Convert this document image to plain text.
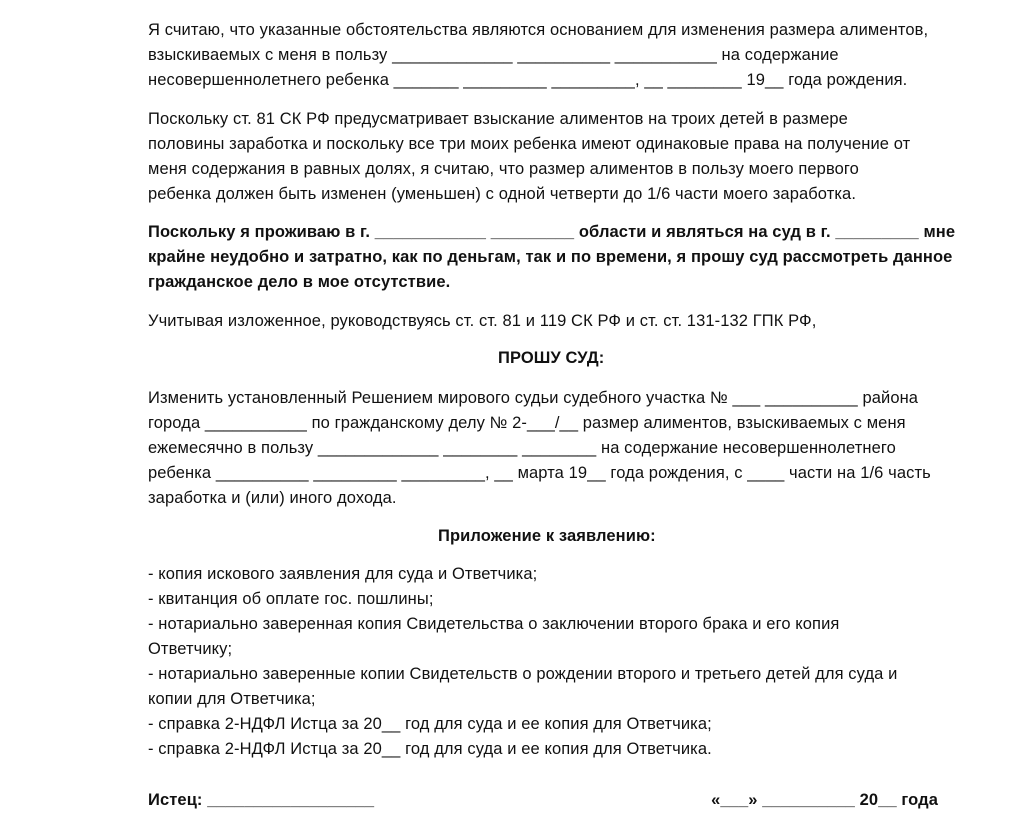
Я считаю, что указанные обстоятельства являются основанием для изменения размера алиментов,
взыскиваемых с меня в пользу _____________ __________ ___________ на содержание
несовершеннолетнего ребенка _______ _________ _________, __ ________ 19__ года рождения.
Поскольку ст. 81 СК РФ предусматривает взыскание алиментов на троих детей в размере
половины заработка и поскольку все три моих ребенка имеют одинаковые права на получение от
меня содержания в равных долях, я считаю, что размер алиментов в пользу моего первого
ребенка должен быть изменен (уменьшен) с одной четверти до 1/6 части моего заработка.
Поскольку я проживаю в г. ____________ _________ области и являться на суд в г. _________ мне
крайне неудобно и затратно, как по деньгам, так и по времени, я прошу суд рассмотреть данное
гражданское дело в мое отсутствие.
Учитывая изложенное, руководствуясь ст. ст. 81 и 119 СК РФ и ст. ст. 131-132 ГПК РФ,
ПРОШУ СУД:
Изменить установленный Решением мирового судьи судебного участка № ___ __________ района
города ___________ по гражданскому делу № 2-___/__ размер алиментов, взыскиваемых с меня
ежемесячно в пользу _____________ ________ ________ на содержание несовершеннолетнего
ребенка __________ _________ _________, __ марта 19__ года рождения, с ____ части на 1/6 часть
заработка и (или) иного дохода.
Приложение к заявлению:
- копия искового заявления для суда и Ответчика;
- квитанция об оплате гос. пошлины;
- нотариально заверенная копия Свидетельства о заключении второго брака и его копия
Ответчику;
- нотариально заверенные копии Свидетельств о рождении второго и третьего детей для суда и
копии для Ответчика;
- справка 2-НДФЛ Истца за 20__ год для суда и ее копия для Ответчика;
- справка 2-НДФЛ Истца за 20__ год для суда и ее копия для Ответчика.
Истец: __________________	«___» __________ 20__ года
